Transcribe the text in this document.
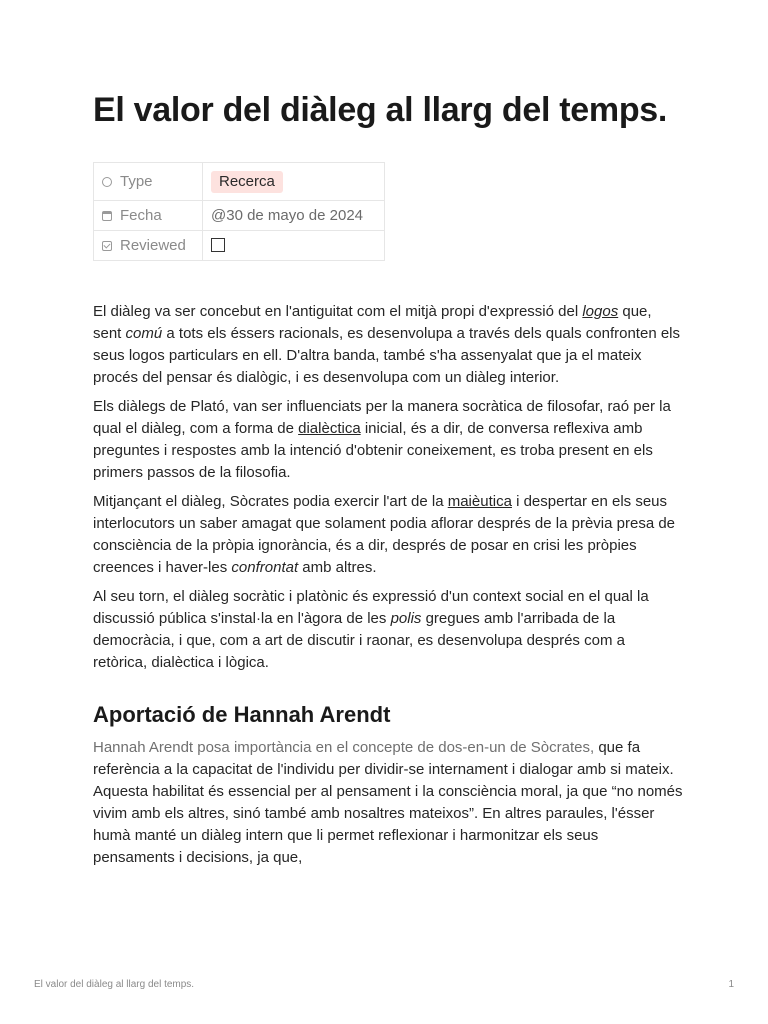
El valor del diàleg al llarg del temps.
Type	Recerca
Fecha	@30 de mayo de 2024
Reviewed	

El diàleg va ser concebut en l'antiguitat com el mitjà propi d'expressió del logos que, sent comú a tots els éssers racionals, es desenvolupa a través dels quals confronten els seus logos particulars en ell. D'altra banda, també s'ha assenyalat que ja el mateix procés del pensar és dialògic, i es desenvolupa com un diàleg interior.

Els diàlegs de Plató, van ser influenciats per la manera socràtica de filosofar, raó per la qual el diàleg, com a forma de dialèctica inicial, és a dir, de conversa reflexiva amb preguntes i respostes amb la intenció d'obtenir coneixement, es troba present en els primers passos de la filosofia.

Mitjançant el diàleg, Sòcrates podia exercir l'art de la maièutica i despertar en els seus interlocutors un saber amagat que solament podia aflorar després de la prèvia presa de consciència de la pròpia ignorància, és a dir, després de posar en crisi les pròpies creences i haver-les confrontat amb altres.

Al seu torn, el diàleg socràtic i platònic és expressió d'un context social en el qual la discussió pública s'instal·la en l'àgora de les polis gregues amb l'arribada de la democràcia, i que, com a art de discutir i raonar, es desenvolupa després com a retòrica, dialèctica i lògica.

Aportació de Hannah Arendt

Hannah Arendt posa importància en el concepte de dos-en-un de Sòcrates, que fa referència a la capacitat de l'individu per dividir-se internament i dialogar amb si mateix. Aquesta habilitat és essencial per al pensament i la consciència moral, ja que “no només vivim amb els altres, sinó també amb nosaltres mateixos”. En altres paraules, l'ésser humà manté un diàleg intern que li permet reflexionar i harmonitzar els seus pensaments i decisions, ja que,

El valor del diàleg al llarg del temps.	1
